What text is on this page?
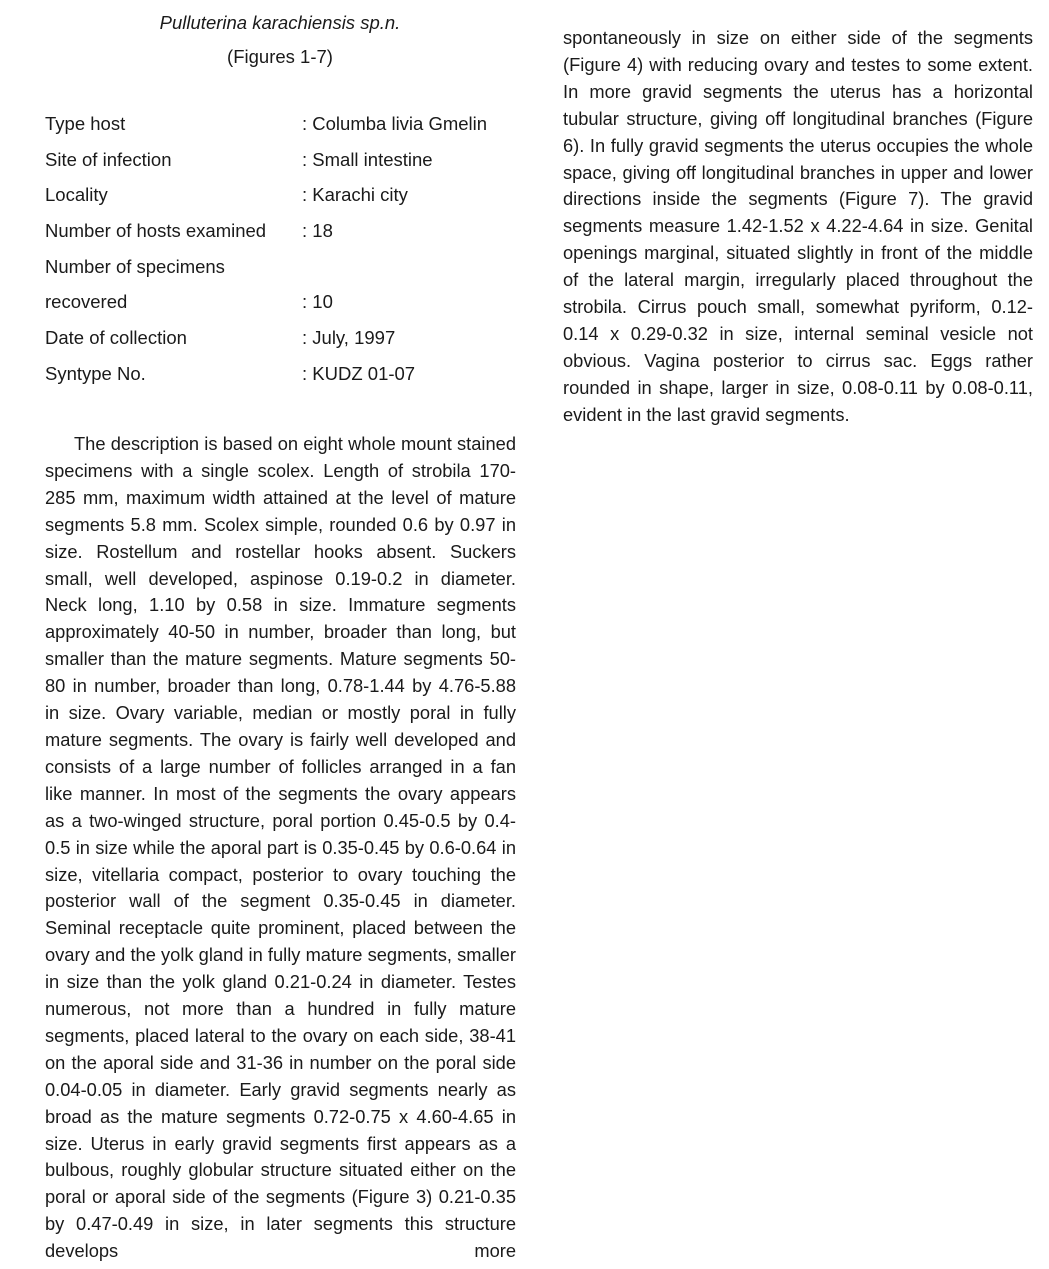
Pulluterina karachiensis sp.n.
(Figures 1-7)
Type host	: Columba livia Gmelin
Site of infection	: Small intestine
Locality	: Karachi city
Number of hosts examined	: 18
Number of specimens	
recovered	: 10
Date of collection	: July, 1997
Syntype No.	: KUDZ 01-07

The description is based on eight whole mount stained specimens with a single scolex. Length of strobila 170-285 mm, maximum width attained at the level of mature segments 5.8 mm. Scolex simple, rounded 0.6 by 0.97 in size. Rostellum and rostellar hooks absent. Suckers small, well developed, aspinose 0.19-0.2 in diameter. Neck long, 1.10 by 0.58 in size. Immature segments approximately 40-50 in number, broader than long, but smaller than the mature segments. Mature segments 50-80 in number, broader than long, 0.78-1.44 by 4.76-5.88 in size. Ovary variable, median or mostly poral in fully mature segments. The ovary is fairly well developed and consists of a large number of follicles arranged in a fan like manner. In most of the segments the ovary appears as a two-winged structure, poral portion 0.45-0.5 by 0.4-0.5 in size while the aporal part is 0.35-0.45 by 0.6-0.64 in size, vitellaria compact, posterior to ovary touching the posterior wall of the segment 0.35-0.45 in diameter. Seminal receptacle quite prominent, placed between the ovary and the yolk gland in fully mature segments, smaller in size than the yolk gland 0.21-0.24 in diameter. Testes numerous, not more than a hundred in fully mature segments, placed lateral to the ovary on each side, 38-41 on the aporal side and 31-36 in number on the poral side 0.04-0.05 in diameter. Early gravid segments nearly as broad as the mature segments 0.72-0.75 x 4.60-4.65 in size. Uterus in early gravid segments first appears as a bulbous, roughly globular structure situated either on the poral or aporal side of the segments (Figure 3) 0.21-0.35 by 0.47-0.49 in size, in later segments this structure develops more

spontaneously in size on either side of the segments (Figure 4) with reducing ovary and testes to some extent. In more gravid segments the uterus has a horizontal tubular structure, giving off longitudinal branches (Figure 6). In fully gravid segments the uterus occupies the whole space, giving off longitudinal branches in upper and lower directions inside the segments (Figure 7). The gravid segments measure 1.42-1.52 x 4.22-4.64 in size. Genital openings marginal, situated slightly in front of the middle of the lateral margin, irregularly placed throughout the strobila. Cirrus pouch small, somewhat pyriform, 0.12-0.14 x 0.29-0.32 in size, internal seminal vesicle not obvious. Vagina posterior to cirrus sac. Eggs rather rounded in shape, larger in size, 0.08-0.11 by 0.08-0.11, evident in the last gravid segments.
